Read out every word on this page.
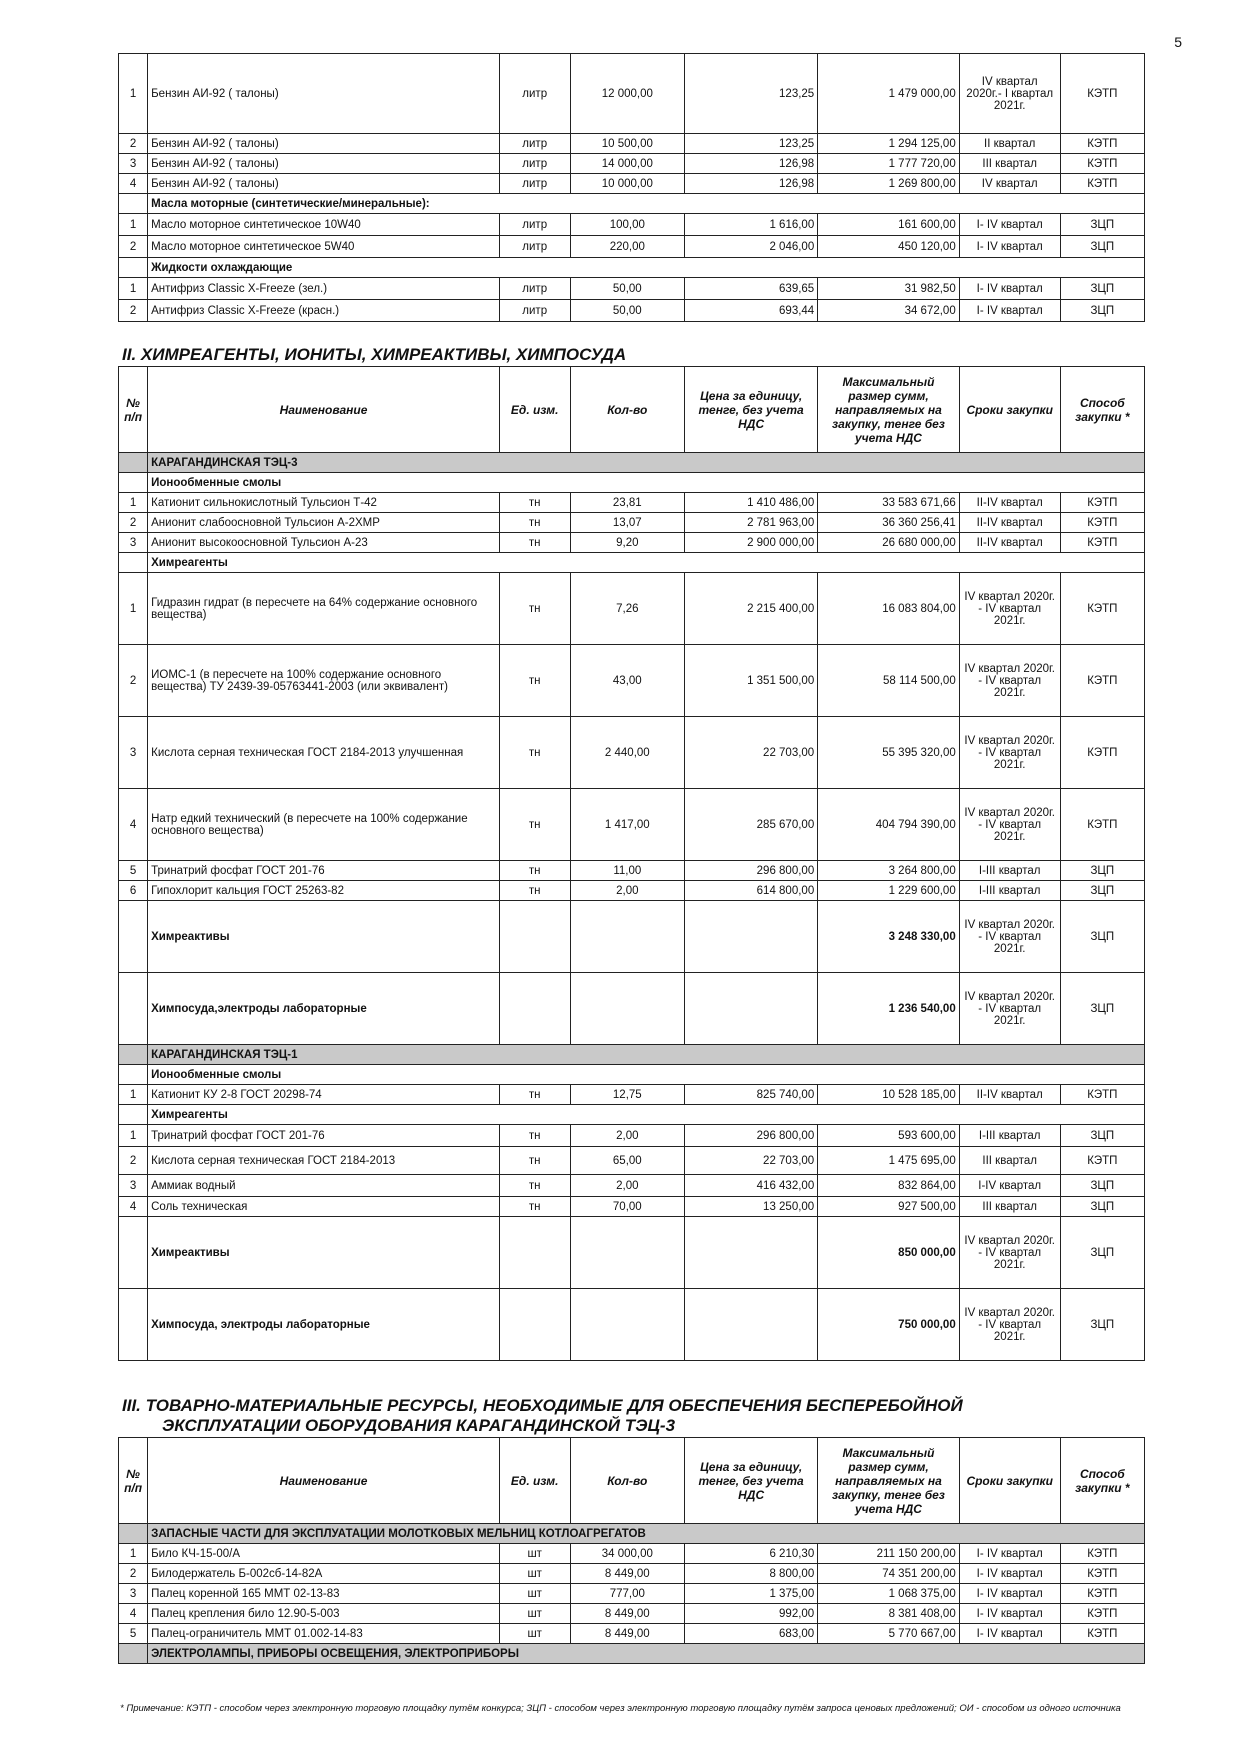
5
1	Бензин АИ-92 ( талоны)	литр	12 000,00	123,25	1 479 000,00	IV квартал 2020г.- I квартал 2021г.	КЭТП
2	Бензин АИ-92 ( талоны)	литр	10 500,00	123,25	1 294 125,00	II квартал	КЭТП
3	Бензин АИ-92 ( талоны)	литр	14 000,00	126,98	1 777 720,00	III квартал	КЭТП
4	Бензин АИ-92 ( талоны)	литр	10 000,00	126,98	1 269 800,00	IV квартал	КЭТП
	Масла моторные (синтетические/минеральные):						
1	Масло моторное синтетическое 10W40	литр	100,00	1 616,00	161 600,00	I- IV квартал	ЗЦП
2	Масло моторное синтетическое 5W40	литр	220,00	2 046,00	450 120,00	I- IV квартал	ЗЦП
	Жидкости охлаждающие						
1	Антифриз Classic X-Freeze (зел.)	литр	50,00	639,65	31 982,50	I- IV квартал	ЗЦП
2	Антифриз Classic X-Freeze (красн.)	литр	50,00	693,44	34 672,00	I- IV квартал	ЗЦП
II. ХИМРЕАГЕНТЫ, ИОНИТЫ, ХИМРЕАКТИВЫ, ХИМПОСУДА
№ п/п	Наименование	Ед. изм.	Кол-во	Цена за единицу, тенге, без учета НДС	Максимальный размер сумм, направляемых на закупку, тенге без учета НДС	Сроки закупки	Способ закупки *
	КАРАГАНДИНСКАЯ ТЭЦ-3						
	Ионообменные смолы						
1	Катионит сильнокислотный Тульсион Т-42	тн	23,81	1 410 486,00	33 583 671,66	II-IV квартал	КЭТП
2	Анионит слабоосновной Тульсион А-2ХМР	тн	13,07	2 781 963,00	36 360 256,41	II-IV квартал	КЭТП
3	Анионит высокоосновной Тульсион А-23	тн	9,20	2 900 000,00	26 680 000,00	II-IV квартал	КЭТП
	Химреагенты						
1	Гидразин гидрат (в пересчете на 64% содержание основного вещества)	тн	7,26	2 215 400,00	16 083 804,00	IV квартал 2020г. - IV квартал 2021г.	КЭТП
2	ИОМС-1 (в пересчете на 100% содержание основного вещества) ТУ 2439-39-05763441-2003 (или эквивалент)	тн	43,00	1 351 500,00	58 114 500,00	IV квартал 2020г. - IV квартал 2021г.	КЭТП
3	Кислота серная техническая ГОСТ 2184-2013 улучшенная	тн	2 440,00	22 703,00	55 395 320,00	IV квартал 2020г. - IV квартал 2021г.	КЭТП
4	Натр едкий технический (в пересчете на 100% содержание основного вещества)	тн	1 417,00	285 670,00	404 794 390,00	IV квартал 2020г. - IV квартал 2021г.	КЭТП
5	Тринатрий фосфат ГОСТ 201-76	тн	11,00	296 800,00	3 264 800,00	I-III квартал	ЗЦП
6	Гипохлорит кальция ГОСТ 25263-82	тн	2,00	614 800,00	1 229 600,00	I-III квартал	ЗЦП
	Химреактивы				3 248 330,00	IV квартал 2020г. - IV квартал 2021г.	ЗЦП
	Химпосуда,электроды лабораторные				1 236 540,00	IV квартал 2020г. - IV квартал 2021г.	ЗЦП
	КАРАГАНДИНСКАЯ ТЭЦ-1						
	Ионообменные смолы						
1	Катионит КУ 2-8 ГОСТ 20298-74	тн	12,75	825 740,00	10 528 185,00	II-IV квартал	КЭТП
	Химреагенты						
1	Тринатрий фосфат ГОСТ 201-76	тн	2,00	296 800,00	593 600,00	I-III квартал	ЗЦП
2	Кислота серная техническая ГОСТ 2184-2013	тн	65,00	22 703,00	1 475 695,00	III квартал	КЭТП
3	Аммиак водный	тн	2,00	416 432,00	832 864,00	I-IV квартал	ЗЦП
4	Соль техническая	тн	70,00	13 250,00	927 500,00	III квартал	ЗЦП
	Химреактивы				850 000,00	IV квартал 2020г. - IV квартал 2021г.	ЗЦП
	Химпосуда, электроды лабораторные				750 000,00	IV квартал 2020г. - IV квартал 2021г.	ЗЦП
III. ТОВАРНО-МАТЕРИАЛЬНЫЕ РЕСУРСЫ, НЕОБХОДИМЫЕ ДЛЯ ОБЕСПЕЧЕНИЯ БЕСПЕРЕБОЙНОЙ
ЭКСПЛУАТАЦИИ ОБОРУДОВАНИЯ КАРАГАНДИНСКОЙ ТЭЦ-3
№ п/п	Наименование	Ед. изм.	Кол-во	Цена за единицу, тенге, без учета НДС	Максимальный размер сумм, направляемых на закупку, тенге без учета НДС	Сроки закупки	Способ закупки *
	ЗАПАСНЫЕ ЧАСТИ ДЛЯ ЭКСПЛУАТАЦИИ МОЛОТКОВЫХ МЕЛЬНИЦ КОТЛОАГРЕГАТОВ						
1	Било КЧ-15-00/А	шт	34 000,00	6 210,30	211 150 200,00	I- IV квартал	КЭТП
2	Билодержатель Б-002сб-14-82А	шт	8 449,00	8 800,00	74 351 200,00	I- IV квартал	КЭТП
3	Палец коренной 165 ММТ 02-13-83	шт	777,00	1 375,00	1 068 375,00	I- IV квартал	КЭТП
4	Палец крепления било 12.90-5-003	шт	8 449,00	992,00	8 381 408,00	I- IV квартал	КЭТП
5	Палец-ограничитель ММТ 01.002-14-83	шт	8 449,00	683,00	5 770 667,00	I- IV квартал	КЭТП
	ЭЛЕКТРОЛАМПЫ, ПРИБОРЫ ОСВЕЩЕНИЯ, ЭЛЕКТРОПРИБОРЫ						
* Примечание: КЭТП - способом через электронную торговую площадку путём конкурса; ЗЦП - способом через электронную торговую площадку путём запроса ценовых предложений; ОИ - способом из одного источника
